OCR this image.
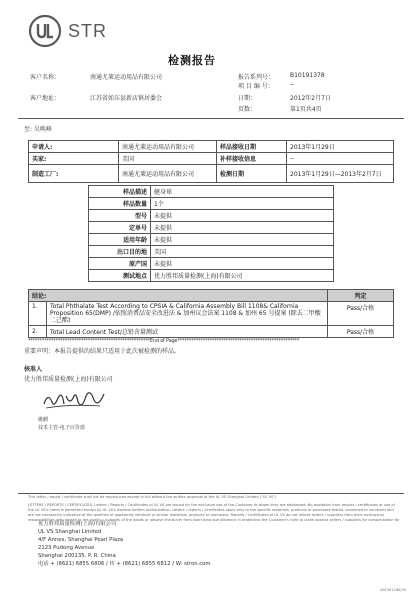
STR
检测报告
客户名称：	南通尤莱运动用品有限公司
客户地址：	江苏省如东县新店镇居委会
报告系列号：	B10191378
项 目 编 号：	--
日期：	2012年2月7日
页数：	第1页共4页
至: 吴唤峰
申请人:	南通尤莱运动用品有限公司	样品接收日期	2013年1月29日
买家:	美国	补样接收信息	--
制造工厂:	南通尤莱运动用品有限公司	检测日期	2013年1月29日—2013年2月7日
样品描述	健身球
样品数量	1个
型号	未提供
定单号	未提供
适用年龄	未提供
出口目的地	美国
原产国	未提供
测试地点	优力胜邦质量检测(上海)有限公司
结论:		判定
1.	Total Phthalate Test According to CPSIA & California Assembly Bill 1108& California Proposition 65(DMP) /依照消费品安全改进法 & 加州议会法案 1108 & 加州 65 号提案 (除去二甲酸二己酯)	Pass/合格
2.	Total Lead Content Test/总铅含量测试	Pass/合格
*****************************************************End of Page*****************************************************
重要声明：本报告提供的结果只适用于此次被检测的样品。
核准人
优力胜邦质量检测(上海)有限公司
姚麒
技术主管-电子百货部
This letter / report / certificate shall not be reproduced except in full without the written approval of the UL VS Shanghai Limited ("UL VS")
LETTERS / REPORTS / CERTIFICATES: Letters / Reports / Certificates of UL VS are issued for the exclusive use of the Customer to whom they are addressed. No quotation from reports / certificates or use of the UL VS's name is permitted except by UL VS's express written authorization. Letters / reports / certificates apply only to the specific materials, products or processes tested, examined or surveyed and are not necessarily indicative of the qualities of apparently identical or similar materials, products or processes. Reports / Certificates of UL VS do not relieve sellers / suppliers from their contractual responsibilities with regard to the quality / quantity of the goods or absolve the buyer from exercising due diligence in protecting the Customer's right to claim against sellers / suppliers for compensation for
优力胜邦质量检测(上海)有限公司
UL VS Shanghai Limited
4/F Annex, Shanghai Pearl Plaza
2123 Pudong Avenue
Shanghai 200135, P. R. China
电话 + (8621) 6855 6806 / 传 + (8621) 6855 6812 / W: stron.com
ABF0612R8/09
